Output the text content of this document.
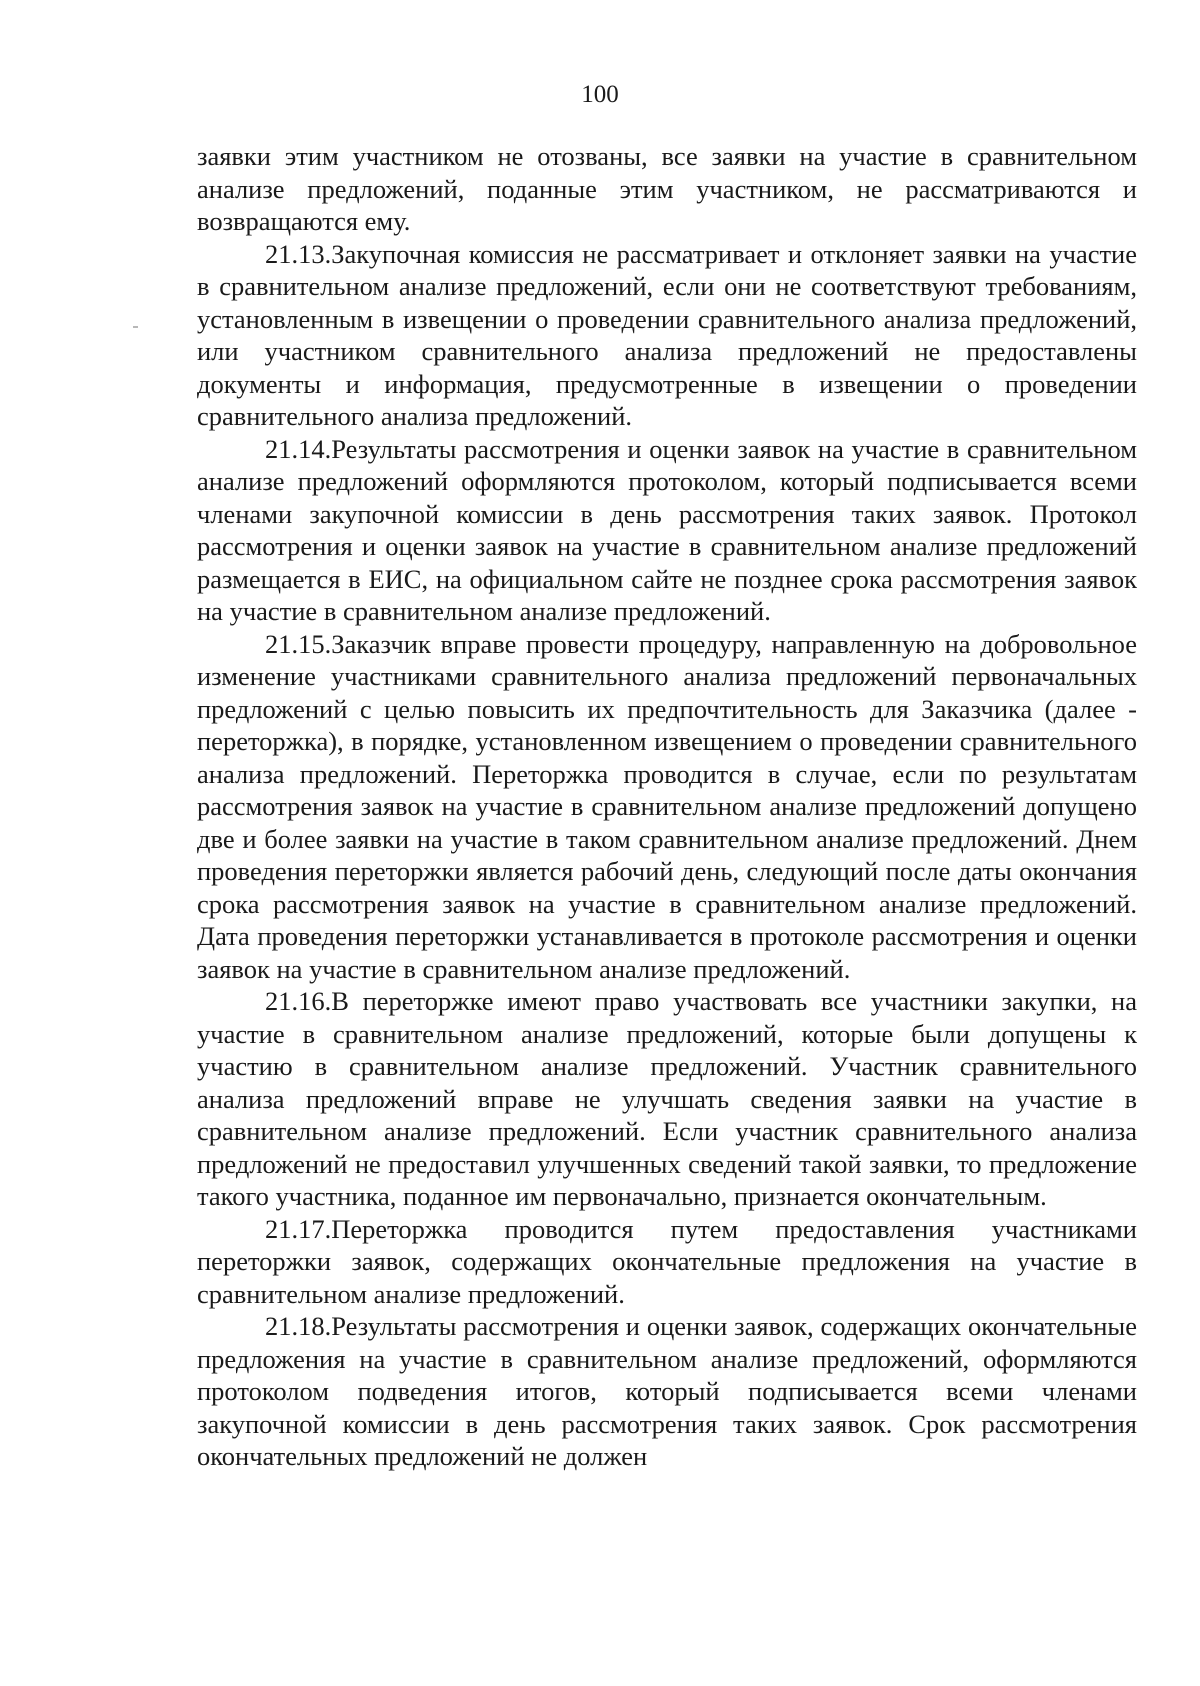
100

заявки этим участником не отозваны, все заявки на участие в сравнительном анализе предложений, поданные этим участником, не рассматриваются и возвращаются ему.

21.13.Закупочная комиссия не рассматривает и отклоняет заявки на участие в сравнительном анализе предложений, если они не соответствуют требованиям, установленным в извещении о проведении сравнительного анализа предложений, или участником сравнительного анализа предложений не предоставлены документы и информация, предусмотренные в извещении о проведении сравнительного анализа предложений.

21.14.Результаты рассмотрения и оценки заявок на участие в сравнительном анализе предложений оформляются протоколом, который подписывается всеми членами закупочной комиссии в день рассмотрения таких заявок. Протокол рассмотрения и оценки заявок на участие в сравнительном анализе предложений размещается в ЕИС, на официальном сайте не позднее срока рассмотрения заявок на участие в сравнительном анализе предложений.

21.15.Заказчик вправе провести процедуру, направленную на добровольное изменение участниками сравнительного анализа предложений первоначальных предложений с целью повысить их предпочтительность для Заказчика (далее - переторжка), в порядке, установленном извещением о проведении сравнительного анализа предложений. Переторжка проводится в случае, если по результатам рассмотрения заявок на участие в сравнительном анализе предложений допущено две и более заявки на участие в таком сравнительном анализе предложений. Днем проведения переторжки является рабочий день, следующий после даты окончания срока рассмотрения заявок на участие в сравнительном анализе предложений. Дата проведения переторжки устанавливается в протоколе рассмотрения и оценки заявок на участие в сравнительном анализе предложений.

21.16.В переторжке имеют право участвовать все участники закупки, на участие в сравнительном анализе предложений, которые были допущены к участию в сравнительном анализе предложений. Участник сравнительного анализа предложений вправе не улучшать сведения заявки на участие в сравнительном анализе предложений. Если участник сравнительного анализа предложений не предоставил улучшенных сведений такой заявки, то предложение такого участника, поданное им первоначально, признается окончательным.

21.17.Переторжка проводится путем предоставления участниками переторжки заявок, содержащих окончательные предложения на участие в сравнительном анализе предложений.

21.18.Результаты рассмотрения и оценки заявок, содержащих окончательные предложения на участие в сравнительном анализе предложений, оформляются протоколом подведения итогов, который подписывается всеми членами закупочной комиссии в день рассмотрения таких заявок. Срок рассмотрения окончательных предложений не должен
